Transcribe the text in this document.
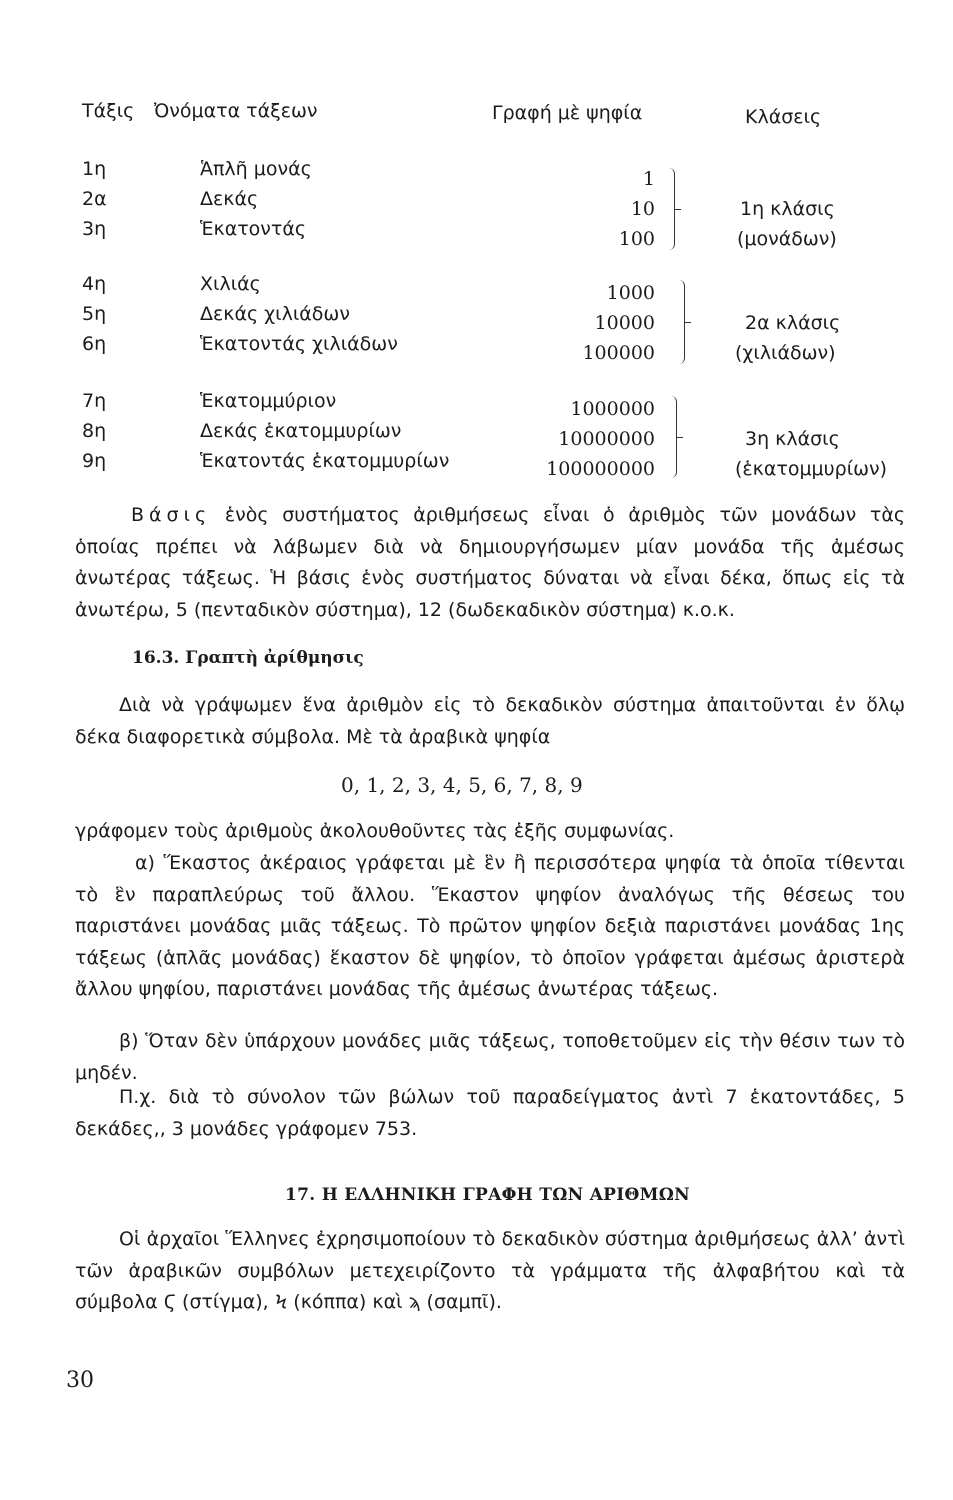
Τάξις Ὀνόματα τάξεων	Γραφή μὲ ψηφία	Κλάσεις
1η	Ἁπλῆ μονάς	1
2α	Δεκάς	10
3η	Ἑκατοντάς	100
1η κλάσις
(μονάδων)
4η	Χιλιάς	1000
5η	Δεκάς χιλιάδων	10000
6η	Ἑκατοντάς χιλιάδων	100000
2α κλάσις
(χιλιάδων)
7η	Ἑκατομμύριον	1000000
8η	Δεκάς ἑκατομμυρίων	10000000
9η	Ἑκατοντάς ἑκατομμυρίων	100000000
3η κλάσις
(ἑκατομμυρίων)
Βάσις ἑνὸς συστήματος ἀριθμήσεως εἶναι ὁ ἀριθμὸς τῶν μονάδων τὰς ὁποίας πρέπει νὰ λάβωμεν διὰ νὰ δημιουργήσωμεν μίαν μονάδα τῆς ἀμέσως ἀνωτέρας τάξεως. Ἡ βάσις ἑνὸς συστήματος δύναται νὰ εἶναι δέκα, ὅπως εἰς τὰ ἀνωτέρω, 5 (πενταδικὸν σύστημα), 12 (δωδεκαδικὸν σύστημα) κ.ο.κ.
16.3. Γραπτὴ ἀρίθμησις
Διὰ νὰ γράψωμεν ἕνα ἀριθμὸν εἰς τὸ δεκαδικὸν σύστημα ἀπαιτοῦνται ἐν ὅλῳ δέκα διαφορετικὰ σύμβολα. Μὲ τὰ ἀραβικὰ ψηφία
0, 1, 2, 3, 4, 5, 6, 7, 8, 9
γράφομεν τοὺς ἀριθμοὺς ἀκολουθοῦντες τὰς ἑξῆς συμφωνίας.
α) Ἕκαστος ἀκέραιος γράφεται μὲ ἓν ἢ περισσότερα ψηφία τὰ ὁποῖα τίθενται τὸ ἓν παραπλεύρως τοῦ ἄλλου. Ἕκαστον ψηφίον ἀναλόγως τῆς θέσεως του παριστάνει μονάδας μιᾶς τάξεως. Τὸ πρῶτον ψηφίον δεξιὰ παριστάνει μονάδας 1ης τάξεως (ἁπλᾶς μονάδας) ἕκαστον δὲ ψηφίον, τὸ ὁποῖον γράφεται ἀμέσως ἀριστερὰ ἄλλου ψηφίου, παριστάνει μονάδας τῆς ἀμέσως ἀνωτέρας τάξεως.
β) Ὅταν δὲν ὑπάρχουν μονάδες μιᾶς τάξεως, τοποθετοῦμεν εἰς τὴν θέσιν των τὸ μηδέν.
Π.χ. διὰ τὸ σύνολον τῶν βώλων τοῦ παραδείγματος ἀντὶ 7 ἑκατοντάδες, 5 δεκάδες,, 3 μονάδες γράφομεν 753.
17. Η ΕΛΛΗΝΙΚΗ ΓΡΑΦΗ ΤΩΝ ΑΡΙΘΜΩΝ
Οἱ ἀρχαῖοι Ἕλληνες ἐχρησιμοποίουν τὸ δεκαδικὸν σύστημα ἀριθμήσεως ἀλλ’ ἀντὶ τῶν ἀραβικῶν συμβόλων μετεχειρίζοντο τὰ γράμματα τῆς ἀλφαβήτου καὶ τὰ σύμβολα Ϛ (στίγμα), Ϟ (κόππα) καὶ ϡ (σαμπῖ).
30
